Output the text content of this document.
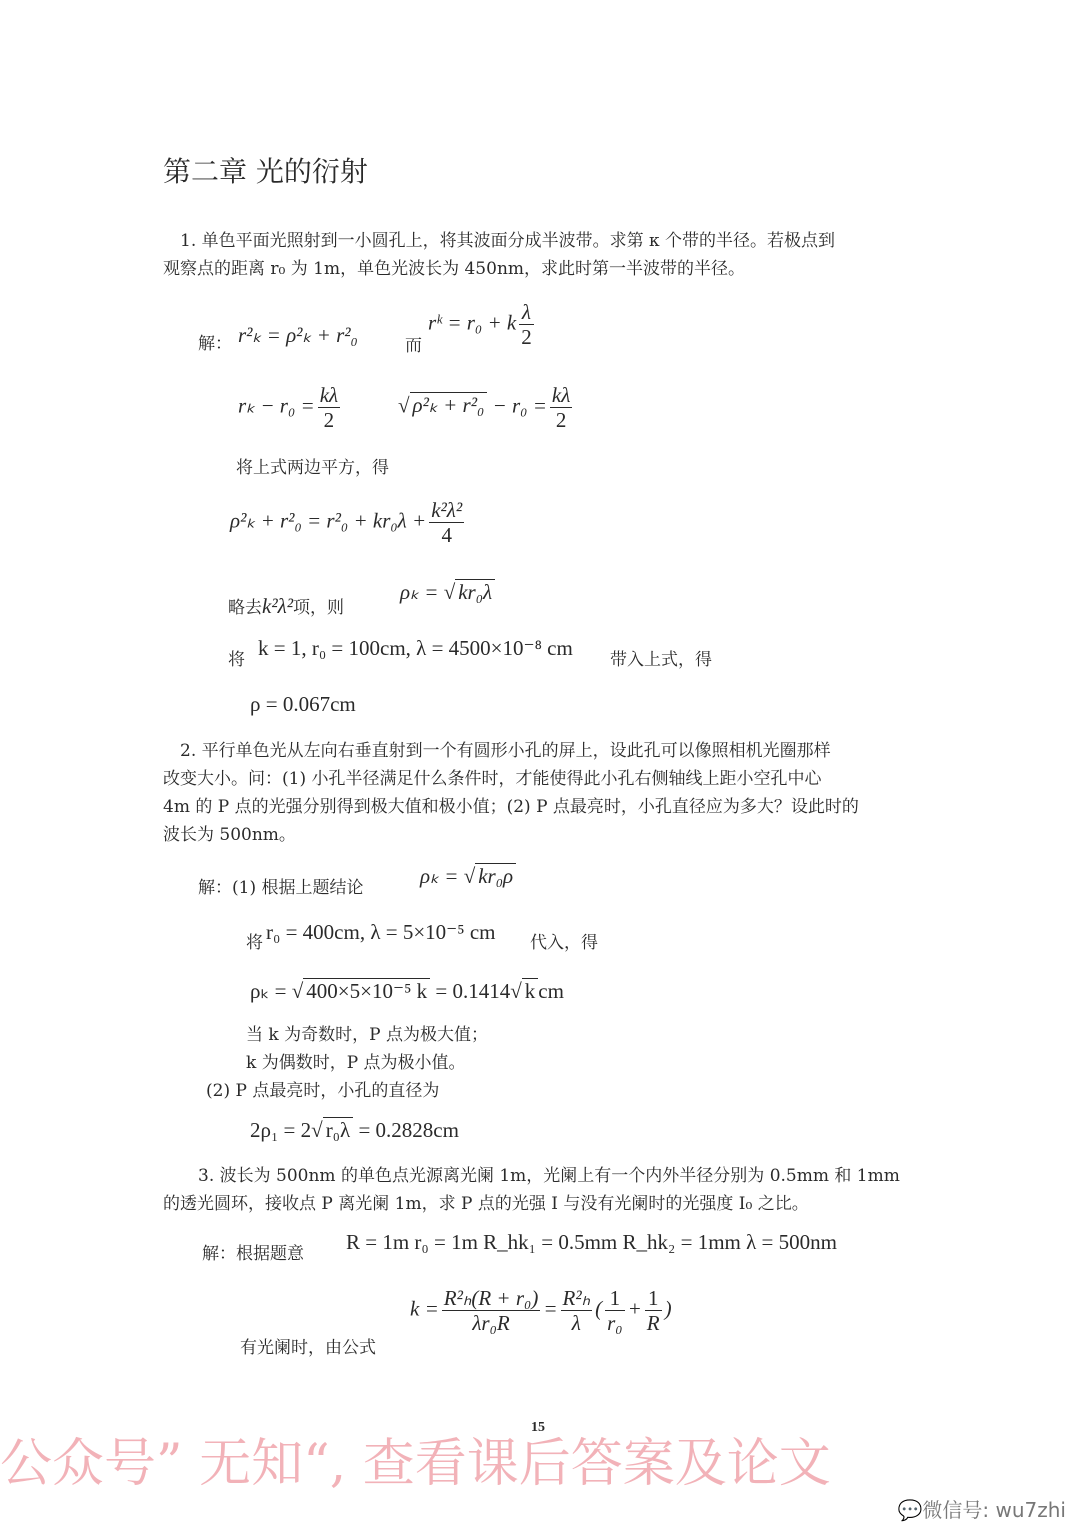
第二章 光的衍射
1. 单色平面光照射到一小圆孔上，将其波面分成半波带。求第 κ 个带的半径。若极点到
观察点的距离 r₀ 为 1m，单色光波长为 450nm，求此时第一半波带的半径。
解： r²ₖ = ρ²ₖ + r²₀	而
rᵏ = r₀ + k $\frac{\lambda}{2}$
$r_k - r_0 = \frac{k\lambda}{2}$	√ $\rho^2_k + r^2_0 - r_0 = \frac{k\lambda}{2}$
将上式两边平方，得
$\rho^2_k + r^2_0 = r^2_0 + kr_0\lambda + \frac{\text{k²λ²}}{4}$
略去k²λ²项，则
ρₖ = √ kr₀λ
将 k = 1, r₀ = 100cm, λ = 4500×10⁻⁸ cm 带入上式，得
ρ = 0.067cm
2. 平行单色光从左向右垂直射到一个有圆形小孔的屏上，设此孔可以像照相机光圈那样
改变大小。问：(1) 小孔半径满足什么条件时，才能使得此小孔右侧轴线上距小空孔中心
4m 的 P 点的光强分别得到极大值和极小值；(2) P 点最亮时，小孔直径应为多大？设此时的
波长为 500nm。
解：(1) 根据上题结论	ρₖ = √ kr₀ρ
将 r₀ = 400cm, λ = 5×10⁻⁵ cm 代入，得
ρₖ = √ 400×5×10⁻⁵ k = 0.1414√ k cm
当 k 为奇数时，P 点为极大值；
k 为偶数时，P 点为极小值。
(2) P 点最亮时，小孔的直径为
2ρ₁ = 2√ r₀λ = 0.2828cm
3. 波长为 500nm 的单色点光源离光阑 1m，光阑上有一个内外半径分别为 0.5mm 和 1mm
的透光圆环，接收点 P 离光阑 1m，求 P 点的光强 I 与没有光阑时的光强度 I₀ 之比。
解：根据题意 R = 1m r₀ = 1m R_hk₁ = 0.5mm R_hk₂ = 1mm λ = 500nm
有光阑时，由公式
$k = \frac{\text{R²ₕ(R + r₀)}}{\text{λr₀R}} = \frac{\text{R²ₕ}}{\lambda}$ ( $\frac{1}{\text{r₀}} + \frac{1}{R}$ )
15
公众号” 无知“, 查看课后答案及论文
💬微信号: wu7zhi
